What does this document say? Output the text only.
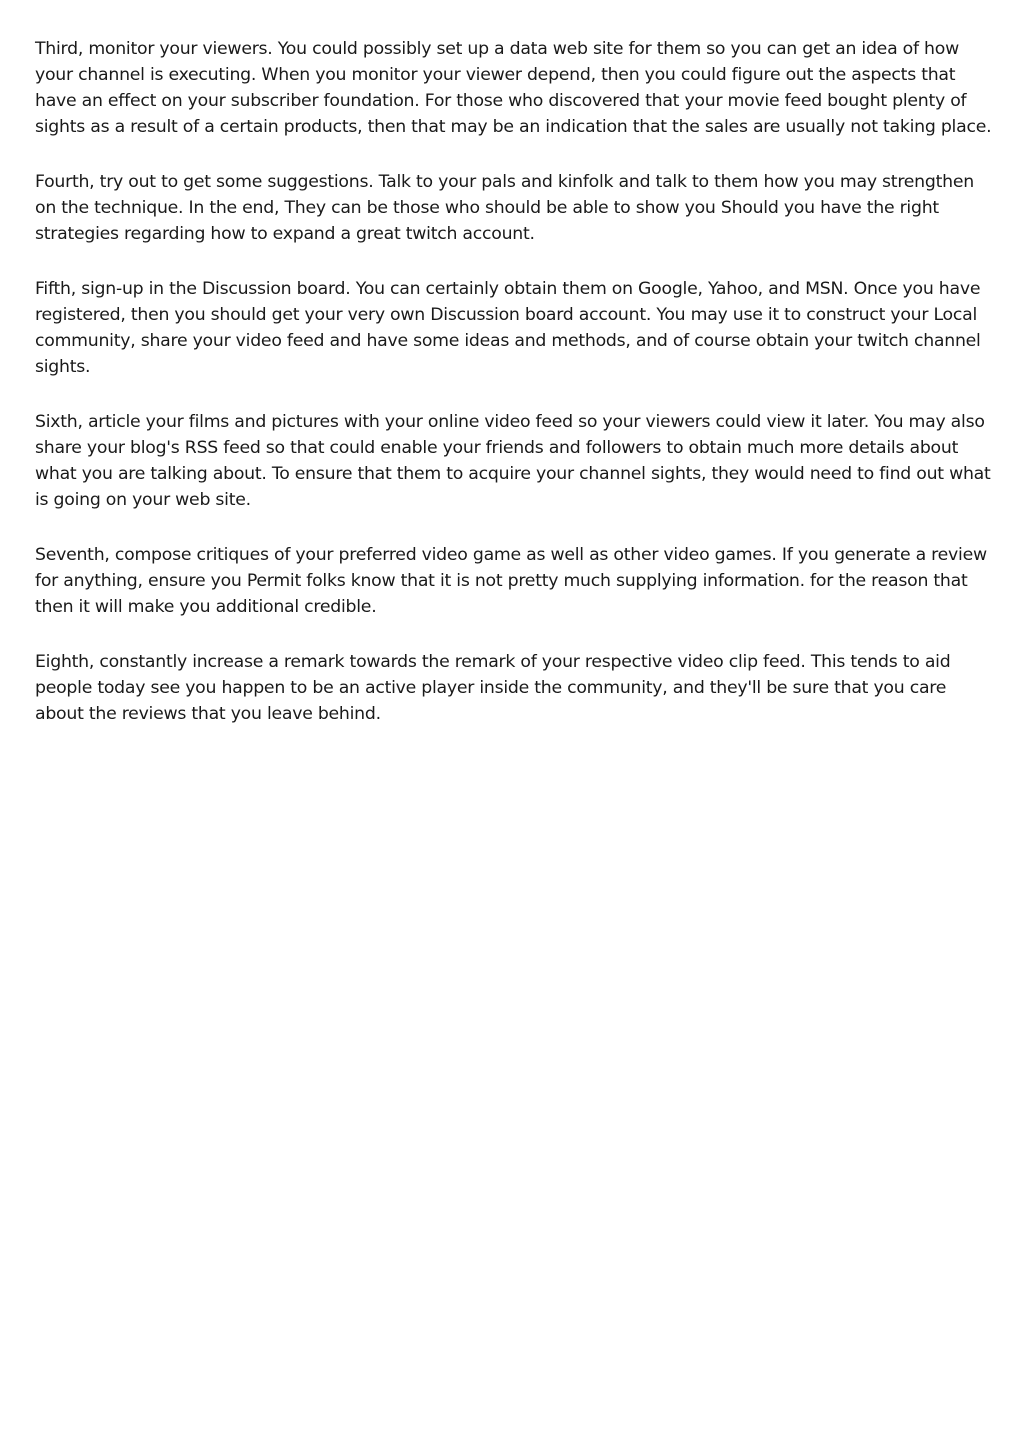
Third, monitor your viewers. You could possibly set up a data web site for them so you can get an idea of how your channel is executing. When you monitor your viewer depend, then you could figure out the aspects that have an effect on your subscriber foundation. For those who discovered that your movie feed bought plenty of sights as a result of a certain products, then that may be an indication that the sales are usually not taking place.

Fourth, try out to get some suggestions. Talk to your pals and kinfolk and talk to them how you may strengthen on the technique. In the end, They can be those who should be able to show you Should you have the right strategies regarding how to expand a great twitch account.

Fifth, sign-up in the Discussion board. You can certainly obtain them on Google, Yahoo, and MSN. Once you have registered, then you should get your very own Discussion board account. You may use it to construct your Local community, share your video feed and have some ideas and methods, and of course obtain your twitch channel sights.

Sixth, article your films and pictures with your online video feed so your viewers could view it later. You may also share your blog's RSS feed so that could enable your friends and followers to obtain much more details about what you are talking about. To ensure that them to acquire your channel sights, they would need to find out what is going on your web site.

Seventh, compose critiques of your preferred video game as well as other video games. If you generate a review for anything, ensure you Permit folks know that it is not pretty much supplying information. for the reason that then it will make you additional credible.

Eighth, constantly increase a remark towards the remark of your respective video clip feed. This tends to aid people today see you happen to be an active player inside the community, and they'll be sure that you care about the reviews that you leave behind.
